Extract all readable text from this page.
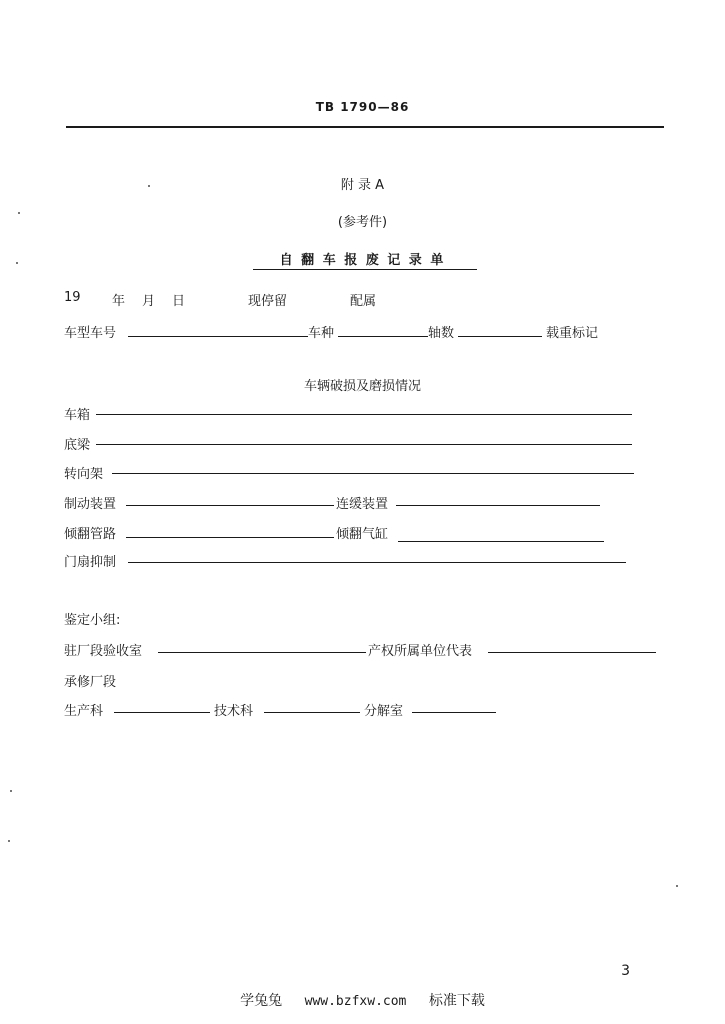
TB 1790—86
附 录 A
(参考件)
自 翻 车 报 废 记 录 单
19 年 月 日	现停留	配属
车型车号	车种	轴数	载重标记
车辆破损及磨损情况
车箱
底梁
转向架
制动装置	连缓装置
倾翻管路	倾翻气缸
门扇抑制
鉴定小组:
驻厂段验收室	产权所属单位代表
承修厂段
生产科	技术科	分解室
3
学兔兔 www.bzfxw.com 标准下载
